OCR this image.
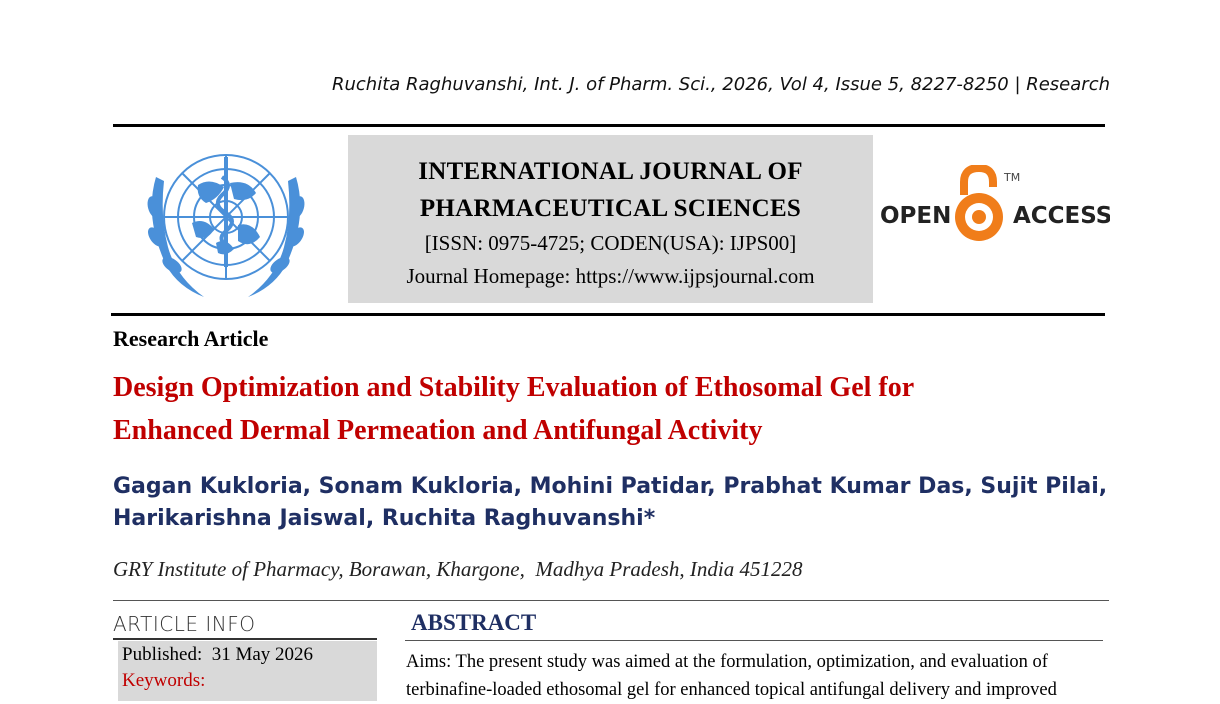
Ruchita Raghuvanshi, Int. J. of Pharm. Sci., 2026, Vol 4, Issue 5, 8227-8250 | Research
INTERNATIONAL JOURNAL OF
PHARMACEUTICAL SCIENCES
[ISSN: 0975-4725; CODEN(USA): IJPS00]
Journal Homepage: https://www.ijpsjournal.com
OPEN
TM
ACCESS
Research Article
Design Optimization and Stability Evaluation of Ethosomal Gel for
Enhanced Dermal Permeation and Antifungal Activity
Gagan Kukloria, Sonam Kukloria, Mohini Patidar, Prabhat Kumar Das, Sujit Pilai,
Harikarishna Jaiswal, Ruchita Raghuvanshi*
GRY Institute of Pharmacy, Borawan, Khargone,  Madhya Pradesh, India 451228
ARTICLE INFO
Published:  31 May 2026
Keywords:
ABSTRACT
Aims: The present study was aimed at the formulation, optimization, and evaluation of
terbinafine-loaded ethosomal gel for enhanced topical antifungal delivery and improved
